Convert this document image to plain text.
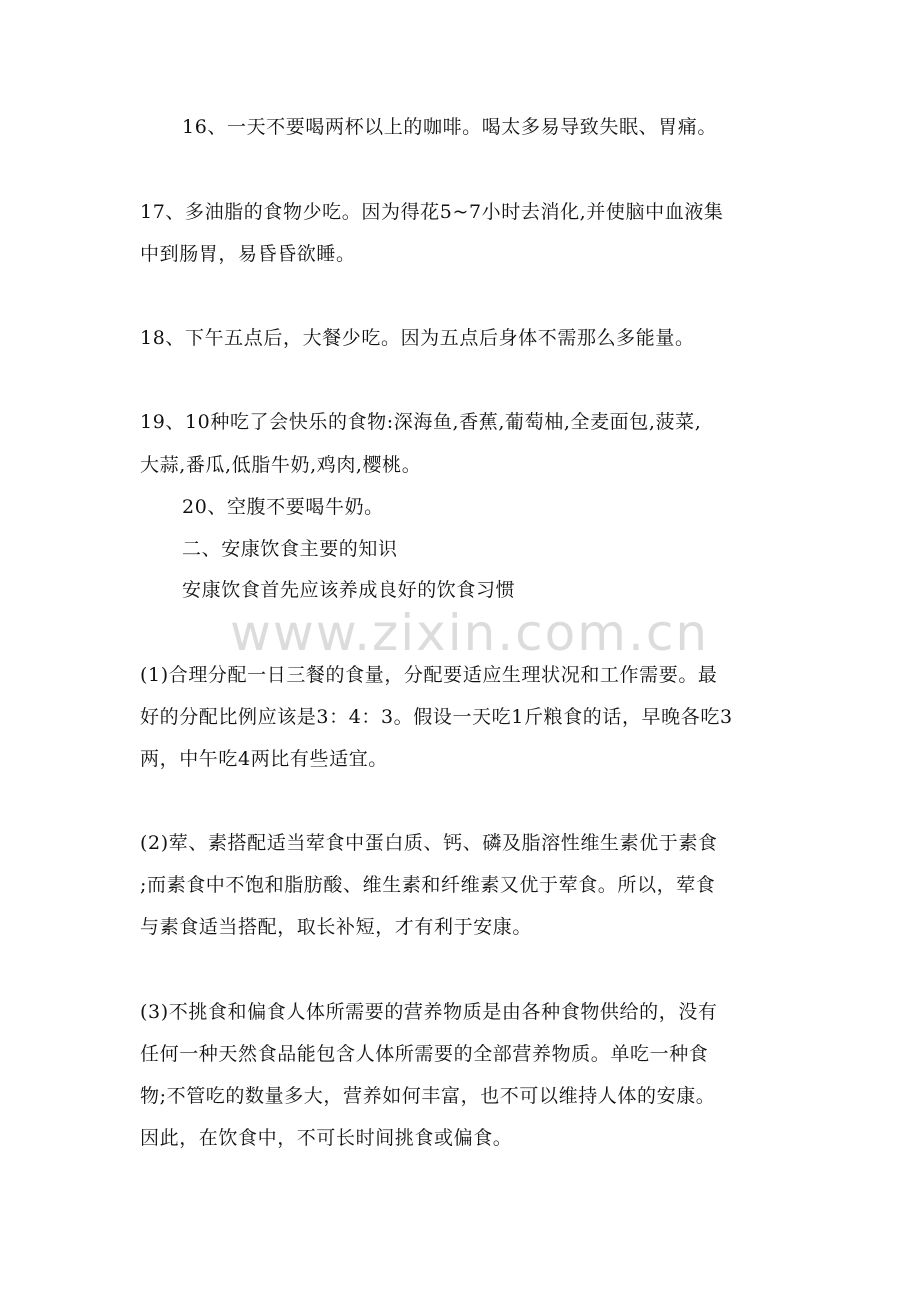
www.zixin.com.cn
16、一天不要喝两杯以上的咖啡。喝太多易导致失眠、胃痛。
17、多油脂的食物少吃。因为得花5~7小时去消化,并使脑中血液集
中到肠胃，易昏昏欲睡。
18、下午五点后，大餐少吃。因为五点后身体不需那么多能量。
19、10种吃了会快乐的食物:深海鱼,香蕉,葡萄柚,全麦面包,菠菜,
大蒜,番瓜,低脂牛奶,鸡肉,樱桃。
20、空腹不要喝牛奶。
二、安康饮食主要的知识
安康饮食首先应该养成良好的饮食习惯
(1)合理分配一日三餐的食量，分配要适应生理状况和工作需要。最
好的分配比例应该是3：4：3。假设一天吃1斤粮食的话，早晚各吃3
两，中午吃4两比有些适宜。
(2)荤、素搭配适当荤食中蛋白质、钙、磷及脂溶性维生素优于素食
;而素食中不饱和脂肪酸、维生素和纤维素又优于荤食。所以，荤食
与素食适当搭配，取长补短，才有利于安康。
(3)不挑食和偏食人体所需要的营养物质是由各种食物供给的，没有
任何一种天然食品能包含人体所需要的全部营养物质。单吃一种食
物;不管吃的数量多大，营养如何丰富，也不可以维持人体的安康。
因此，在饮食中，不可长时间挑食或偏食。
